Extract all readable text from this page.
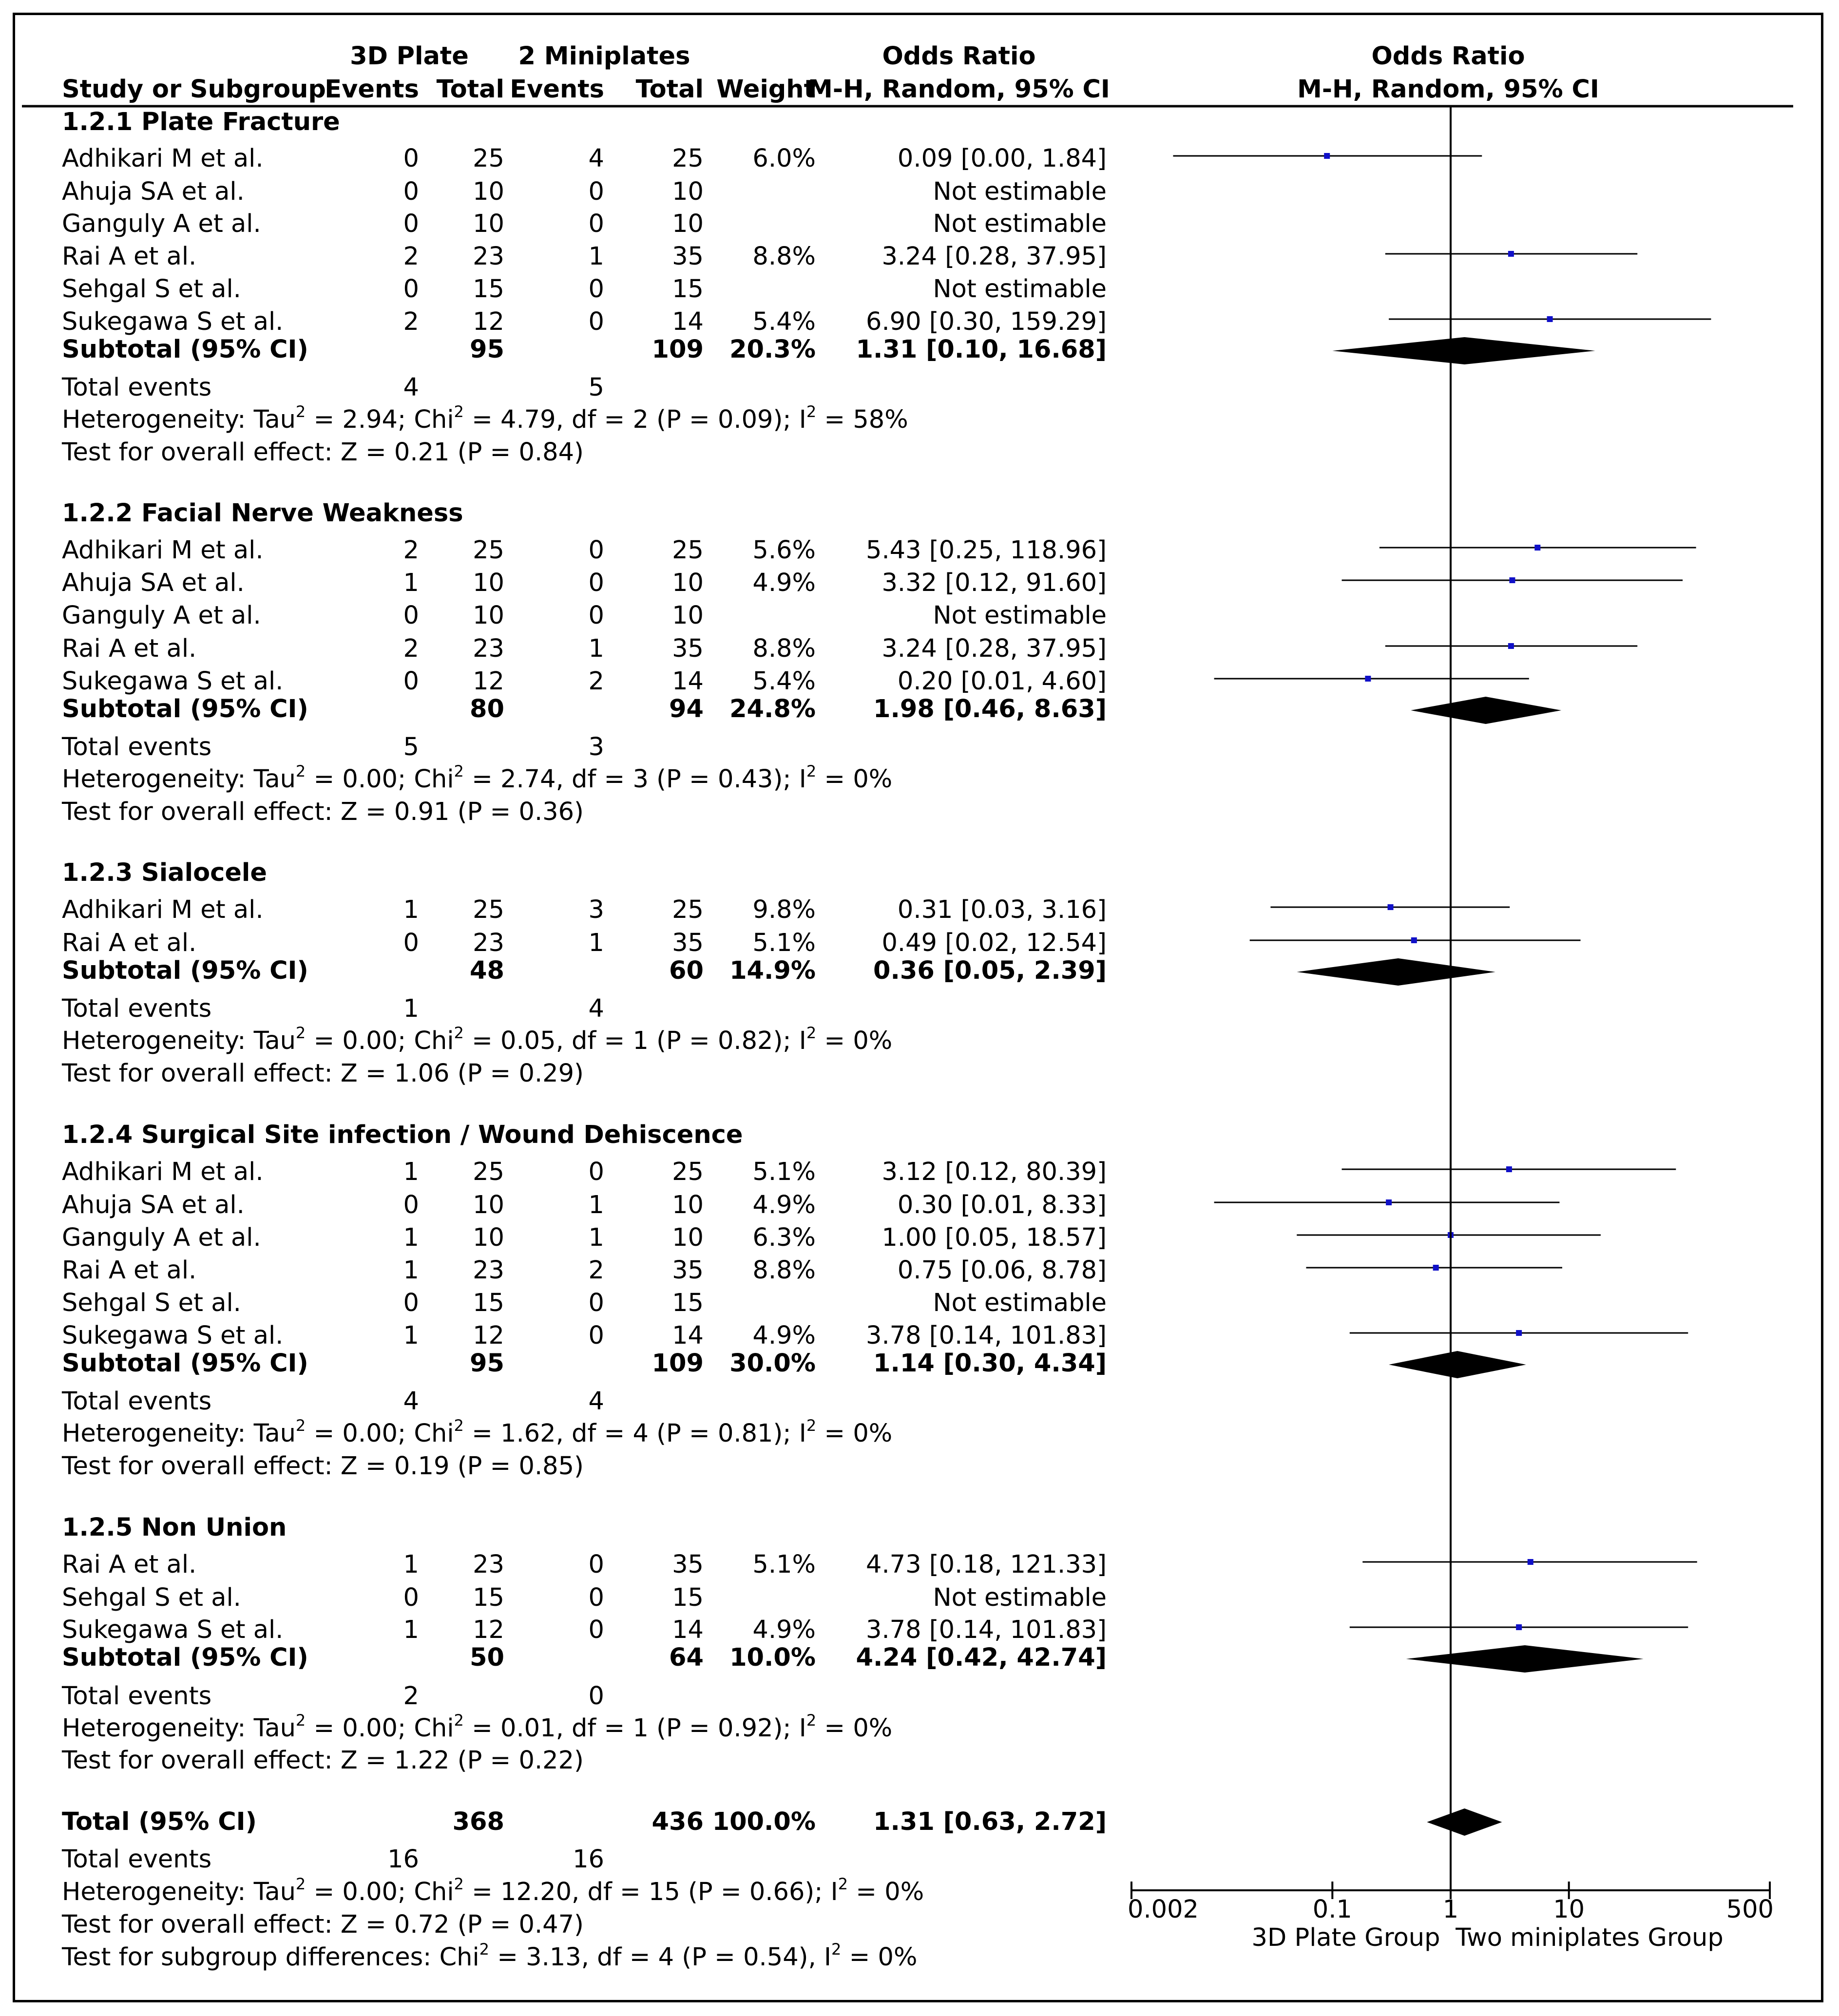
3D Plate	2 Miniplates	Odds Ratio	Odds Ratio
Study or Subgroup
Events Total Events Total Weight
M-H, Random, 95% CI	M-H, Random, 95% CI
1.2.1 Plate Fracture
Adhikari M et al.	0 25	4	25 6.0%	0.09 [0.00, 1.84]
Ahuja SA et al.	0 10	0	10	Not estimable
Ganguly A et al.	0 10	0	10	Not estimable
Rai A et al.	2 23	1	35 8.8%	3.24 [0.28, 37.95]
Sehgal S et al.	0 15	0	15	Not estimable
Sukegawa S et al.	2 12	0	14 5.4% 6.90 [0.30, 159.29]
Subtotal (95% CI)	95	109 20.3% 1.31 [0.10, 16.68]
Total events	4	5
Heterogeneity: Tau$^2$ = 2.94; Chi$^2$ = 4.79, df = 2 (P = 0.09); $I^2 = 58\%$
Test for overall effect: Z = 0.21 (P = 0.84)
1.2.2 Facial Nerve Weakness
Adhikari M et al.	2 25	0	25 5.6% 5.43 [0.25, 118.96]
Ahuja SA et al.	1 10	0	10 4.9%	3.32 [0.12, 91.60]
Ganguly A et al.	0 10	0	10	Not estimable
Rai A et al.	2 23	1	35 8.8%	3.24 [0.28, 37.95]
Sukegawa S et al.	0 12	2	14 5.4%	0.20 [0.01, 4.60]
Subtotal (95% CI)	80	94 24.8% 1.98 [0.46, 8.63]
Total events	5	3
Heterogeneity: Tau$^2$ = 0.00; Chi$^2$ = 2.74, df = 3 (P = 0.43); $I^2 = 0\%$
Test for overall effect: Z = 0.91 (P = 0.36)
1.2.3 Sialocele
Adhikari M et al.	1 25	3	25 9.8%	0.31 [0.03, 3.16]
Rai A et al.	0 23	1	35 5.1%	0.49 [0.02, 12.54]
Subtotal (95% CI)	48	60 14.9% 0.36 [0.05, 2.39]
Total events	1	4
Heterogeneity: Tau$^2$ = 0.00; Chi$^2$ = 0.05, df = 1 (P = 0.82); $I^2 = 0\%$
Test for overall effect: Z = 1.06 (P = 0.29)
1.2.4 Surgical Site infection / Wound Dehiscence
Adhikari M et al.	1 25	0	25 5.1%	3.12 [0.12, 80.39]
Ahuja SA et al.	0 10	1	10 4.9%	0.30 [0.01, 8.33]
Ganguly A et al.	1 10	1	10 6.3%	1.00 [0.05, 18.57]
Rai A et al.	1 23	2	35 8.8%	0.75 [0.06, 8.78]
Sehgal S et al.	0 15	0	15	Not estimable
Sukegawa S et al.	1 12	0	14 4.9% 3.78 [0.14, 101.83]
Subtotal (95% CI)	95	109 30.0% 1.14 [0.30, 4.34]
Total events	4	4
Heterogeneity: Tau$^2$ = 0.00; Chi$^2$ = 1.62, df = 4 (P = 0.81); $I^2 = 0\%$
Test for overall effect: Z = 0.19 (P = 0.85)
1.2.5 Non Union
Rai A et al.	1 23	0	35 5.1% 4.73 [0.18, 121.33]
Sehgal S et al.	0 15	0	15	Not estimable
Sukegawa S et al.	1 12	0	14 4.9% 3.78 [0.14, 101.83]
Subtotal (95% CI)	50	64 10.0% 4.24 [0.42, 42.74]
Total events	2	0
Heterogeneity: Tau$^2$ = 0.00; Chi$^2$ = 0.01, df = 1 (P = 0.92); $I^2 = 0\%$
Test for overall effect: Z = 1.22 (P = 0.22)
Total (95% CI)	368	436 100.0% 1.31 [0.63, 2.72]
Total events	16	16
Heterogeneity: Tau$^2$ = 0.00; Chi$^2$ = 12.20, df = 15 (P = 0.66); $I^2 = 0\%$
Test for overall effect: Z = 0.72 (P = 0.47)
Test for subgroup differences: Chi$^2$ = 3.13, df = 4 (P = 0.54), $I^2 = 0\%$
0.002	0.1	1	10	500
3D Plate Group Two miniplates Group
